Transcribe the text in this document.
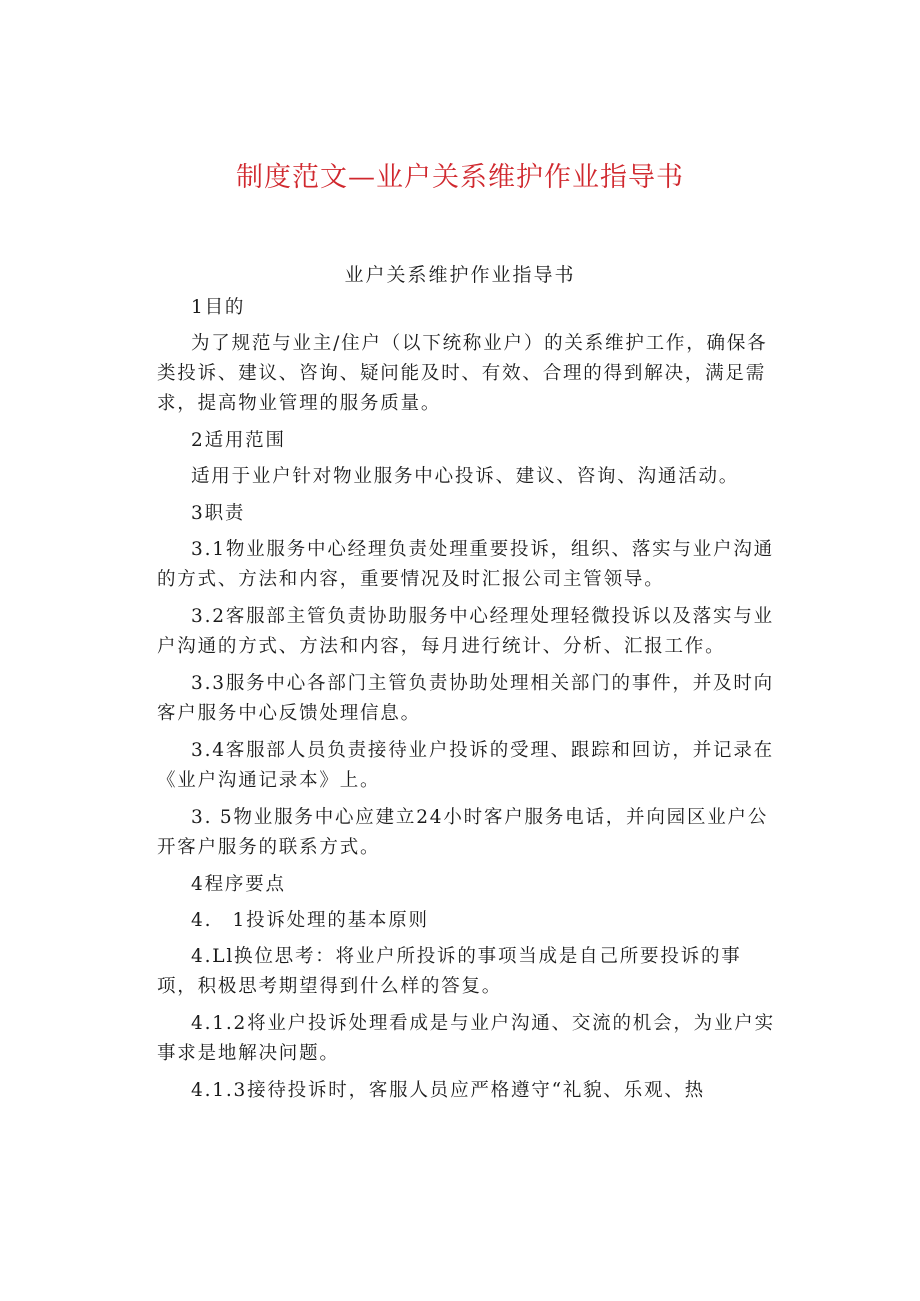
制度范文—业户关系维护作业指导书
业户关系维护作业指导书

1目的

为了规范与业主/住户（以下统称业户）的关系维护工作，确保各类投诉、建议、咨询、疑问能及时、有效、合理的得到解决，满足需求，提高物业管理的服务质量。

2适用范围

适用于业户针对物业服务中心投诉、建议、咨询、沟通活动。

3职责

3.1物业服务中心经理负责处理重要投诉，组织、落实与业户沟通的方式、方法和内容，重要情况及时汇报公司主管领导。

3.2客服部主管负责协助服务中心经理处理轻微投诉以及落实与业户沟通的方式、方法和内容，每月进行统计、分析、汇报工作。

3.3服务中心各部门主管负责协助处理相关部门的事件，并及时向客户服务中心反馈处理信息。

3.4客服部人员负责接待业户投诉的受理、跟踪和回访，并记录在《业户沟通记录本》上。

3. 5物业服务中心应建立24小时客户服务电话，并向园区业户公开客户服务的联系方式。

4程序要点

4.　1投诉处理的基本原则

4.Ll换位思考：将业户所投诉的事项当成是自己所要投诉的事项，积极思考期望得到什么样的答复。

4.1.2将业户投诉处理看成是与业户沟通、交流的机会，为业户实事求是地解决问题。

4.1.3接待投诉时，客服人员应严格遵守“礼貌、乐观、热
